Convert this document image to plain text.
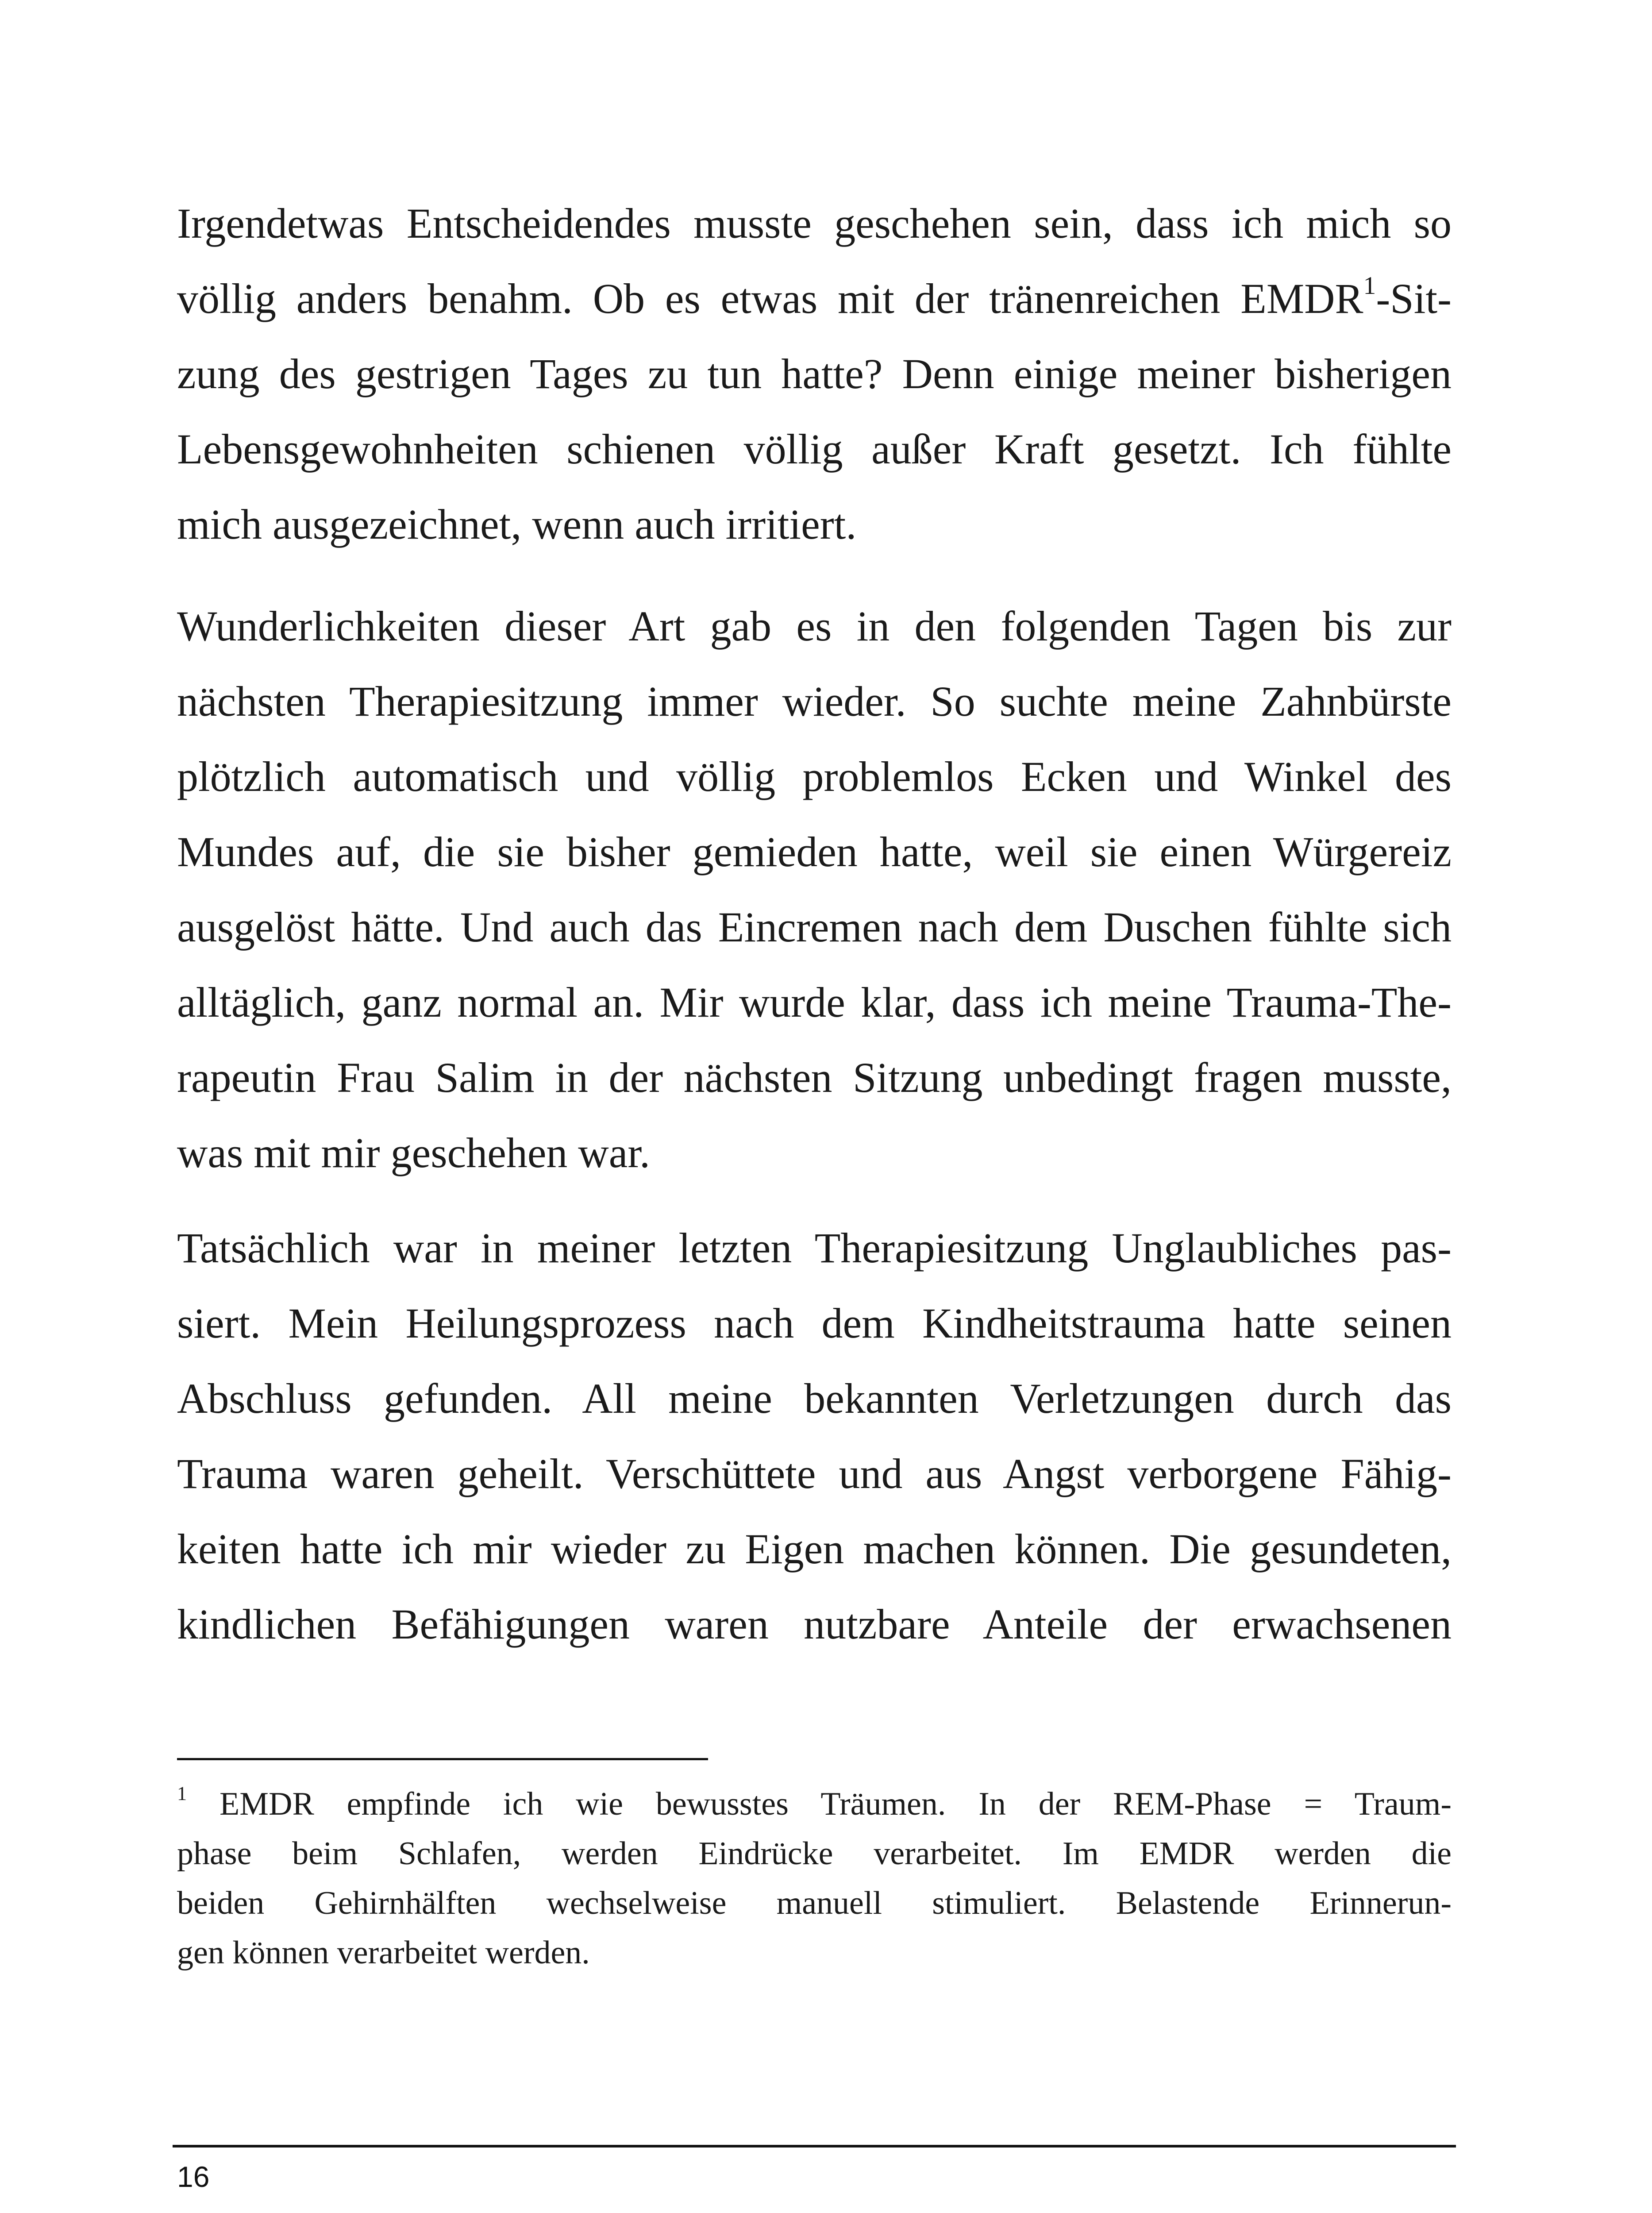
Irgendetwas Entscheidendes musste geschehen sein, dass ich mich so
völlig anders benahm. Ob es etwas mit der tränenreichen EMDR$^1$-Sit-
zung des gestrigen Tages zu tun hatte? Denn einige meiner bisherigen
Lebensgewohnheiten schienen völlig außer Kraft gesetzt. Ich fühlte
mich ausgezeichnet, wenn auch irritiert.
Wunderlichkeiten dieser Art gab es in den folgenden Tagen bis zur
nächsten Therapiesitzung immer wieder. So suchte meine Zahnbürste
plötzlich automatisch und völlig problemlos Ecken und Winkel des
Mundes auf, die sie bisher gemieden hatte, weil sie einen Würgereiz
ausgelöst hätte. Und auch das Eincremen nach dem Duschen fühlte sich
alltäglich, ganz normal an. Mir wurde klar, dass ich meine Trauma-The-
rapeutin Frau Salim in der nächsten Sitzung unbedingt fragen musste,
was mit mir geschehen war.
Tatsächlich war in meiner letzten Therapiesitzung Unglaubliches pas-
siert. Mein Heilungsprozess nach dem Kindheitstrauma hatte seinen
Abschluss gefunden. All meine bekannten Verletzungen durch das
Trauma waren geheilt. Verschüttete und aus Angst verborgene Fähig-
keiten hatte ich mir wieder zu Eigen machen können. Die gesundeten,
kindlichen Befähigungen waren nutzbare Anteile der erwachsenen
$^1$ EMDR empfinde ich wie bewusstes Träumen. In der REM-Phase = Traum-
phase beim Schlafen, werden Eindrücke verarbeitet. Im EMDR werden die
beiden Gehirnhälften wechselweise manuell stimuliert. Belastende Erinnerun-
gen können verarbeitet werden.
16
